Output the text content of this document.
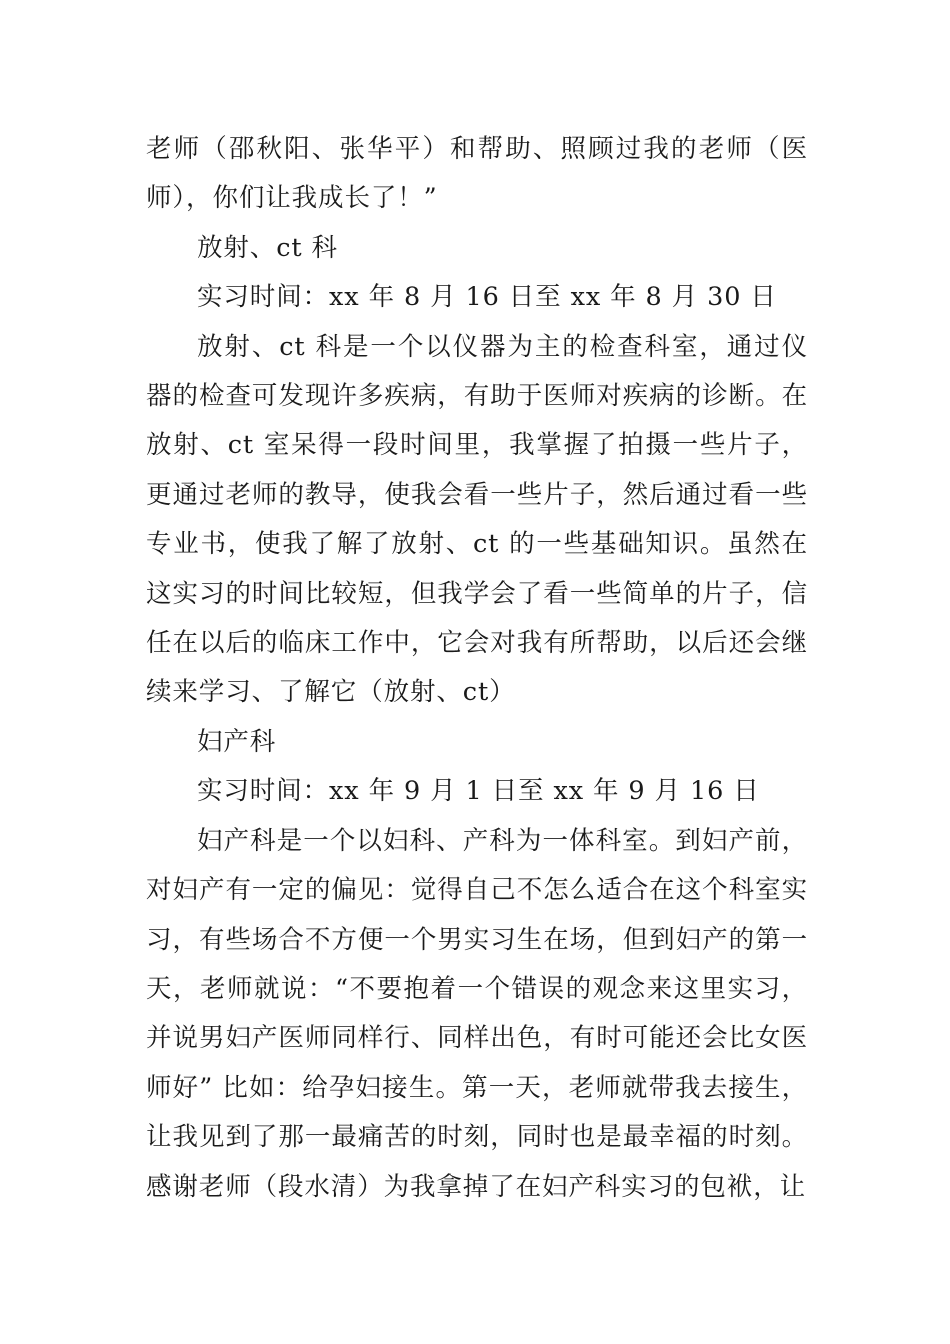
老师（邵秋阳、张华平）和帮助、照顾过我的老师（医师），你们让我成长了！”

放射、ct 科

实习时间：xx 年 8 月 16 日至 xx 年 8 月 30 日

放射、ct 科是一个以仪器为主的检查科室，通过仪器的检查可发现许多疾病，有助于医师对疾病的诊断。在放射、ct 室呆得一段时间里，我掌握了拍摄一些片子，更通过老师的教导，使我会看一些片子，然后通过看一些专业书，使我了解了放射、ct 的一些基础知识。虽然在这实习的时间比较短，但我学会了看一些简单的片子，信任在以后的临床工作中，它会对我有所帮助，以后还会继续来学习、了解它（放射、ct）

妇产科

实习时间：xx 年 9 月 1 日至 xx 年 9 月 16 日

妇产科是一个以妇科、产科为一体科室。到妇产前，对妇产有一定的偏见：觉得自己不怎么适合在这个科室实习，有些场合不方便一个男实习生在场，但到妇产的第一天，老师就说：“不要抱着一个错误的观念来这里实习，并说男妇产医师同样行、同样出色，有时可能还会比女医师好” 比如：给孕妇接生。第一天，老师就带我去接生，让我见到了那一最痛苦的时刻，同时也是最幸福的时刻。感谢老师（段水清）为我拿掉了在妇产科实习的包袱，让
